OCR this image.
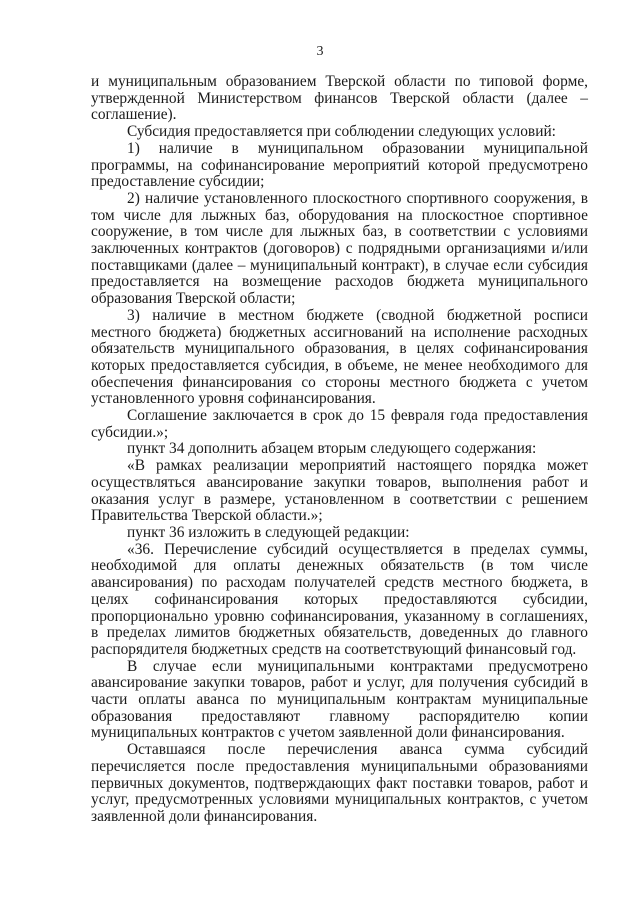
3

и муниципальным образованием Тверской области по типовой форме, утвержденной Министерством финансов Тверской области (далее – соглашение).

Субсидия предоставляется при соблюдении следующих условий:

1) наличие в муниципальном образовании муниципальной программы, на софинансирование мероприятий которой предусмотрено предоставление субсидии;

2) наличие установленного плоскостного спортивного сооружения, в том числе для лыжных баз, оборудования на плоскостное спортивное сооружение, в том числе для лыжных баз, в соответствии с условиями заключенных контрактов (договоров) с подрядными организациями и/или поставщиками (далее – муниципальный контракт), в случае если субсидия предоставляется на возмещение расходов бюджета муниципального образования Тверской области;

3) наличие в местном бюджете (сводной бюджетной росписи местного бюджета) бюджетных ассигнований на исполнение расходных обязательств муниципального образования, в целях софинансирования которых предоставляется субсидия, в объеме, не менее необходимого для обеспечения финансирования со стороны местного бюджета с учетом установленного уровня софинансирования.

Соглашение заключается в срок до 15 февраля года предоставления субсидии.»;

пункт 34 дополнить абзацем вторым следующего содержания:

«В рамках реализации мероприятий настоящего порядка может осуществляться авансирование закупки товаров, выполнения работ и оказания услуг в размере, установленном в соответствии с решением Правительства Тверской области.»;

пункт 36 изложить в следующей редакции:

«36. Перечисление субсидий осуществляется в пределах суммы, необходимой для оплаты денежных обязательств (в том числе авансирования) по расходам получателей средств местного бюджета, в целях софинансирования которых предоставляются субсидии, пропорционально уровню софинансирования, указанному в соглашениях, в пределах лимитов бюджетных обязательств, доведенных до главного распорядителя бюджетных средств на соответствующий финансовый год.

В случае если муниципальными контрактами предусмотрено авансирование закупки товаров, работ и услуг, для получения субсидий в части оплаты аванса по муниципальным контрактам муниципальные образования предоставляют главному распорядителю копии муниципальных контрактов с учетом заявленной доли финансирования.

Оставшаяся после перечисления аванса сумма субсидий перечисляется после предоставления муниципальными образованиями первичных документов, подтверждающих факт поставки товаров, работ и услуг, предусмотренных условиями муниципальных контрактов, с учетом заявленной доли финансирования.
